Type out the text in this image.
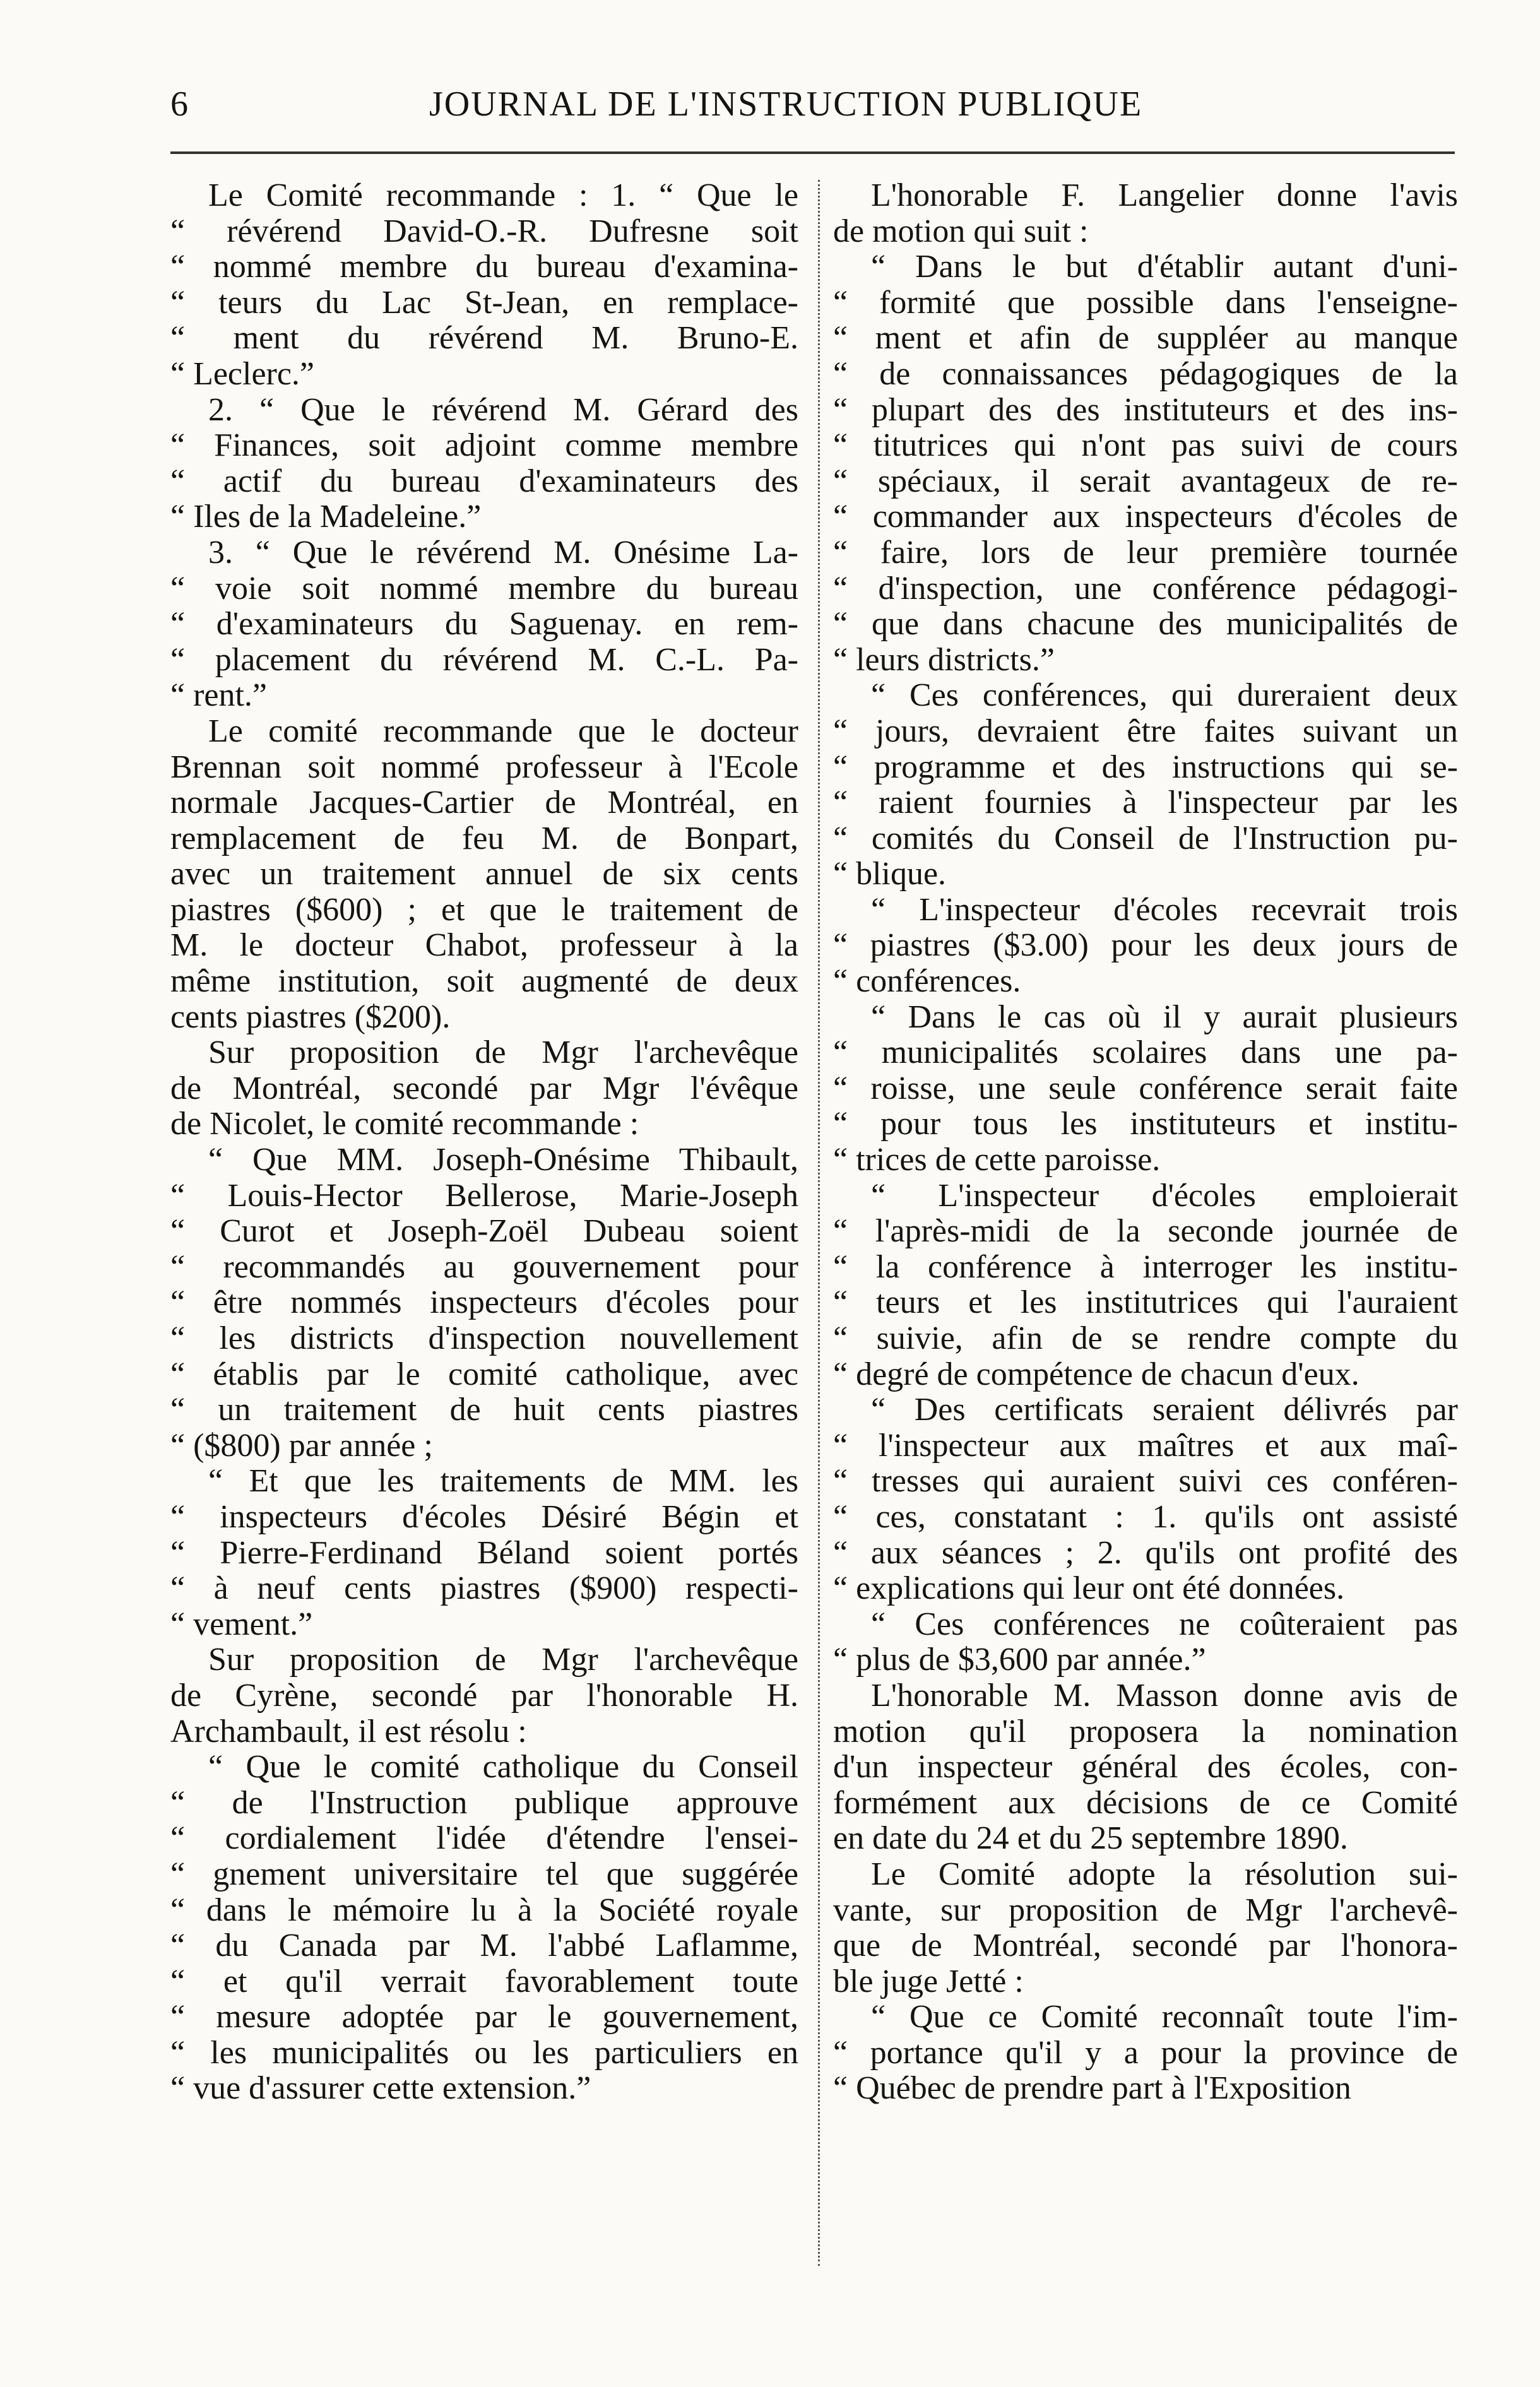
6	JOURNAL DE L'INSTRUCTION PUBLIQUE
Le Comité recommande : 1. “ Que le
“ révérend David-O.-R. Dufresne soit
“ nommé membre du bureau d'examina-
“ teurs du Lac St-Jean, en remplace-
“ ment du révérend M. Bruno-E.
“ Leclerc.”
2. “ Que le révérend M. Gérard des
“ Finances, soit adjoint comme membre
“ actif du bureau d'examinateurs des
“ Iles de la Madeleine.”
3. “ Que le révérend M. Onésime La-
“ voie soit nommé membre du bureau
“ d'examinateurs du Saguenay. en rem-
“ placement du révérend M. C.-L. Pa-
“ rent.”
Le comité recommande que le docteur
Brennan soit nommé professeur à l'Ecole
normale Jacques-Cartier de Montréal, en
remplacement de feu M. de Bonpart,
avec un traitement annuel de six cents
piastres ($600) ; et que le traitement de
M. le docteur Chabot, professeur à la
même institution, soit augmenté de deux
cents piastres ($200).
Sur proposition de Mgr l'archevêque
de Montréal, secondé par Mgr l'évêque
de Nicolet, le comité recommande :
“ Que MM. Joseph-Onésime Thibault,
“ Louis-Hector Bellerose, Marie-Joseph
“ Curot et Joseph-Zoël Dubeau soient
“ recommandés au gouvernement pour
“ être nommés inspecteurs d'écoles pour
“ les districts d'inspection nouvellement
“ établis par le comité catholique, avec
“ un traitement de huit cents piastres
“ ($800) par année ;
“ Et que les traitements de MM. les
“ inspecteurs d'écoles Désiré Bégin et
“ Pierre-Ferdinand Béland soient portés
“ à neuf cents piastres ($900) respecti-
“ vement.”
Sur proposition de Mgr l'archevêque
de Cyrène, secondé par l'honorable H.
Archambault, il est résolu :
“ Que le comité catholique du Conseil
“ de l'Instruction publique approuve
“ cordialement l'idée d'étendre l'ensei-
“ gnement universitaire tel que suggérée
“ dans le mémoire lu à la Société royale
“ du Canada par M. l'abbé Laflamme,
“ et qu'il verrait favorablement toute
“ mesure adoptée par le gouvernement,
“ les municipalités ou les particuliers en
“ vue d'assurer cette extension.”
L'honorable F. Langelier donne l'avis
de motion qui suit :
“ Dans le but d'établir autant d'uni-
“ formité que possible dans l'enseigne-
“ ment et afin de suppléer au manque
“ de connaissances pédagogiques de la
“ plupart des des instituteurs et des ins-
“ titutrices qui n'ont pas suivi de cours
“ spéciaux, il serait avantageux de re-
“ commander aux inspecteurs d'écoles de
“ faire, lors de leur première tournée
“ d'inspection, une conférence pédagogi-
“ que dans chacune des municipalités de
“ leurs districts.”
“ Ces conférences, qui dureraient deux
“ jours, devraient être faites suivant un
“ programme et des instructions qui se-
“ raient fournies à l'inspecteur par les
“ comités du Conseil de l'Instruction pu-
“ blique.
“ L'inspecteur d'écoles recevrait trois
“ piastres ($3.00) pour les deux jours de
“ conférences.
“ Dans le cas où il y aurait plusieurs
“ municipalités scolaires dans une pa-
“ roisse, une seule conférence serait faite
“ pour tous les instituteurs et institu-
“ trices de cette paroisse.
“ L'inspecteur d'écoles emploierait
“ l'après-midi de la seconde journée de
“ la conférence à interroger les institu-
“ teurs et les institutrices qui l'auraient
“ suivie, afin de se rendre compte du
“ degré de compétence de chacun d'eux.
“ Des certificats seraient délivrés par
“ l'inspecteur aux maîtres et aux maî-
“ tresses qui auraient suivi ces conféren-
“ ces, constatant : 1. qu'ils ont assisté
“ aux séances ; 2. qu'ils ont profité des
“ explications qui leur ont été données.
“ Ces conférences ne coûteraient pas
“ plus de $3,600 par année.”
L'honorable M. Masson donne avis de
motion qu'il proposera la nomination
d'un inspecteur général des écoles, con-
formément aux décisions de ce Comité
en date du 24 et du 25 septembre 1890.
Le Comité adopte la résolution sui-
vante, sur proposition de Mgr l'archevê-
que de Montréal, secondé par l'honora-
ble juge Jetté :
“ Que ce Comité reconnaît toute l'im-
“ portance qu'il y a pour la province de
“ Québec de prendre part à l'Exposition
